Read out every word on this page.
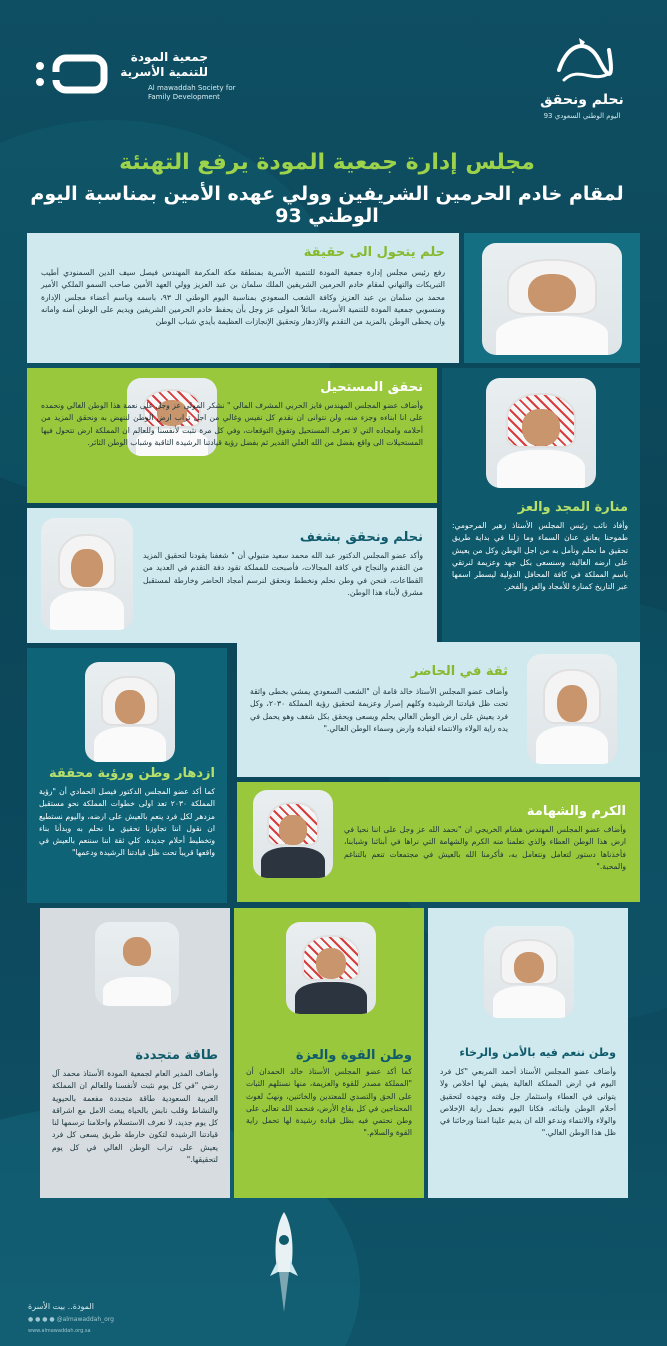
جمعية المودة
للتنمية الأسرية
Al mawaddah Society for
Family Development	نحلم ونحقق
اليوم الوطني السعودي 93
مجلس إدارة جمعية المودة يرفع التهنئة
لمقام خادم الحرمين الشريفين وولي عهده الأمين بمناسبة اليوم الوطني 93
حلم يتحول الى حقيقة
رفع رئيس مجلس إدارة جمعية المودة للتنمية الأسرية بمنطقة مكة المكرمة المهندس فيصل سيف الدين السمنودي أطيب التبريكات والتهاني لمقام خادم الحرمين الشريفين الملك سلمان بن عبد العزيز وولي العهد الأمين صاحب السمو الملكي الأمير محمد بن سلمان بن عبد العزيز وكافة الشعب السعودي بمناسبة اليوم الوطني الـ ٩٣، باسمه وباسم أعضاء مجلس الإدارة ومنسوبي جمعية المودة للتنمية الأسرية، سائلاً المولى عز وجل بأن يحفظ خادم الحرمين الشريفين ويديم على الوطن أمنه وامانه وان يحظى الوطن بالمزيد من التقدم والازدهار وتحقيق الإنجازات العظيمة بأيدي شباب الوطن
نحقق المستحيل
وأضاف عضو المجلس المهندس فايز الحربي المشرف المالي " نشكر المولى عز وجل على نعمة هذا الوطن الغالي ونحمده على انا ابناءه وجزء منه، ولن نتوانى ان نقدم كل نفيس وغالي من اجل تراب ارض الوطن لننهض به ونحقق المزيد من أحلامه وامجاده التي لا تعرف المستحيل وتفوق التوقعات، وفي كل مرة نثبت لأنفسنا وللعالم ان المملكة ارض تتحول فيها المستحيلات الى واقع بفضل من الله العلي القدير ثم بفضل رؤية قيادتنا الرشيدة الثاقبة وشباب الوطن الثائر.
منارة المجد والعز
وأفاد نائب رئيس المجلس الأستاذ زهير المرحومي: طموحنا يعانق عنان السماء وما زلنا في بداية طريق تحقيق ما نحلم ونأمل به من اجل الوطن وكل من يعيش على ارضه الغالية، وسنسعى بكل جهد وعزيمة لنرتقي باسم المملكة في كافة المحافل الدولية ليسطر اسمها عبر التاريخ كمنارة للأمجاد والعز والفخر.
نحلم ونحقق بشغف
وأكد عضو المجلس الدكتور عبد الله محمد سعيد متبولي أن " شغفنا يقودنا لتحقيق المزيد من التقدم والنجاح في كافة المجالات، فأصبحت للمملكة تقود دفة التقدم في العديد من القطاعات، فنحن في وطن نحلم ونخطط ونحقق لنرسم أمجاد الحاضر وخارطة لمستقبل مشرق لأبناء هذا الوطن.
ازدهار وطن ورؤية محققة
كما أكد عضو المجلس الدكتور فيصل الحمادي أن "رؤية المملكة ٢٠٣٠ تعد اولى خطوات المملكة نحو مستقبل مزدهر لكل فرد ينعم بالعيش على ارضه، واليوم نستطيع ان نقول اننا تجاوزنا تحقيق ما نحلم به وبدأنا بناء وتخطيط أحلام جديدة، كلي ثقة اننا سننعم بالعيش في واقعها قريباً تحت ظل قيادتنا الرشيدة ودعمها"
ثقة في الحاضر
وأضاف عضو المجلس الأستاذ خالد قامة أن "الشعب السعودي يمشي بخطى واثقة تحت ظل قيادتنا الرشيدة وكلهم إصرار وعزيمة لتحقيق رؤية المملكة ٢٠٣٠، وكل فرد يعيش على ارض الوطن الغالي يحلم ويسعى ويحقق بكل شغف وهو يحمل في يده راية الولاء والانتماء لقيادة وارض وسماء الوطن الغالي."
الكرم والشهامة
وأضاف عضو المجلس المهندس هشام الخريجي ان "نحمد الله عز وجل على اننا نحيا في ارض هذا الوطن العطاء والذي تعلمنا منه الكرم والشهامة التي نراها في أبنائنا وشبابنا، فأخذناها دستور لتعامل ونتعامل به، فأكرمنا الله بالعيش في مجتمعات تنعم بالتناغم والمحبة."
طاقة متجددة
وأضاف المدير العام لجمعية المودة الأستاذ محمد آل رضي "في كل يوم نثبت لأنفسنا وللعالم ان المملكة العربية السعودية طاقة متجددة مفعمة بالحيوية والنشاط وقلب نابض بالحياة يبعث الامل مع اشراقة كل يوم جديد، لا نعرف الاستسلام واحلامنا ترسمها لنا قيادتنا الرشيدة لتكون خارطة طريق يسعى كل فرد يعيش على تراب الوطن الغالي في كل يوم لتحقيقها."
وطن القوة والعزة
كما أكد عضو المجلس الأستاذ خالد الحمدان أن "المملكة مصدر للقوة والعزيمة، منها نستلهم الثبات على الحق والتصدي للمعتدين والخائنين، ونهبٌ لغوث المحتاجين في كل بقاع الأرض، فنحمد الله تعالى على وطن نحتمي فيه بظل قيادة رشيدة لها تحمل راية القوة والسلام."
وطن ننعم فيه بالأمن والرخاء
وأضاف عضو المجلس الأستاذ أحمد المربعي "كل فرد اليوم في ارض المملكة الغالية يفيض لها اخلاص ولا يتوانى في العطاء واستثمار جل وقته وجهده لتحقيق أحلام الوطن وابنائه، فكانا اليوم نحمل راية الإخلاص والولاء والانتماء وندعو الله ان يديم علينا امننا ورخائنا في ظل هذا الوطن الغالي."
المودة.. بيت الأسرة
● ● ● ● @almawaddah_org
www.almawaddah.org.sa
